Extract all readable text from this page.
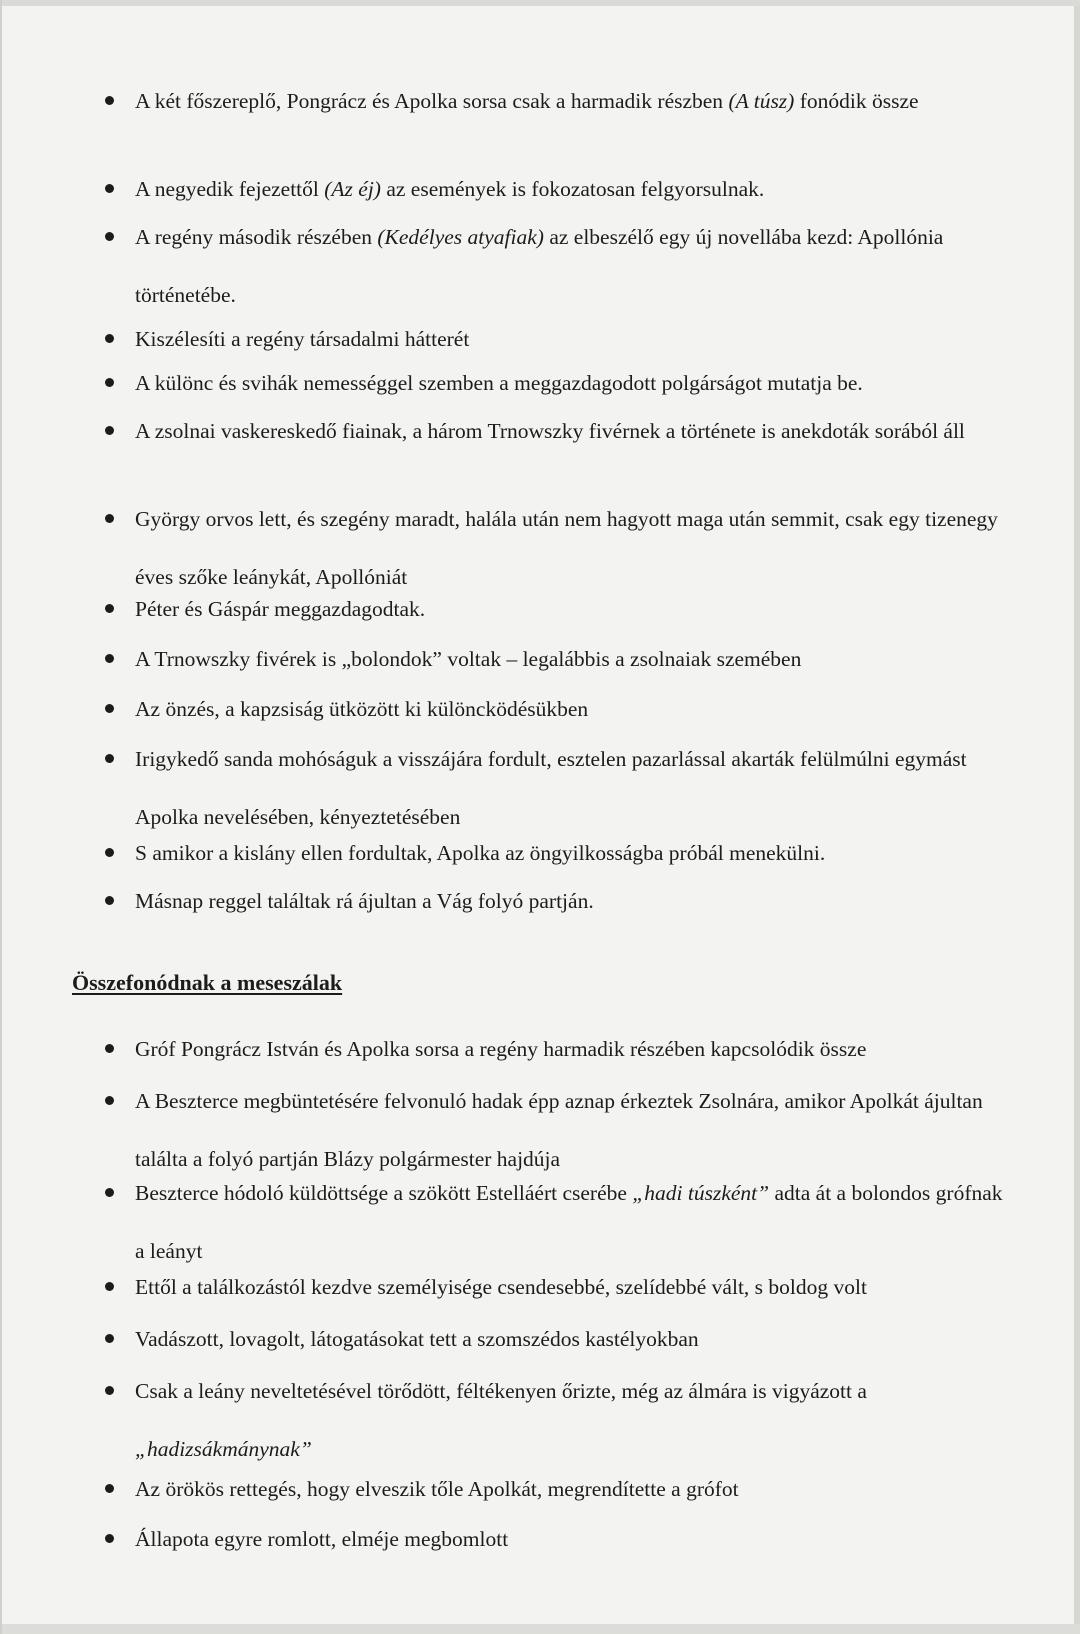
A két főszereplő, Pongrácz és Apolka sorsa csak a harmadik részben (A túsz) fonódik össze
A negyedik fejezettől (Az éj) az események is fokozatosan felgyorsulnak.
A regény második részében (Kedélyes atyafiak) az elbeszélő egy új novellába kezd: Apollónia történetébe.
Kiszélesíti a regény társadalmi hátterét
A különc és svihák nemességgel szemben a meggazdagodott polgárságot mutatja be.
A zsolnai vaskereskedő fiainak, a három Trnowszky fivérnek a története is anekdoták sorából áll
György orvos lett, és szegény maradt, halála után nem hagyott maga után semmit, csak egy tizenegy éves szőke leánykát, Apollóniát
Péter és Gáspár meggazdagodtak.
A Trnowszky fivérek is „bolondok” voltak – legalábbis a zsolnaiak szemében
Az önzés, a kapzsiság ütközött ki különcködésükben
Irigykedő sanda mohóságuk a visszájára fordult, esztelen pazarlással akarták felülmúlni egymást Apolka nevelésében, kényeztetésében
S amikor a kislány ellen fordultak, Apolka az öngyilkosságba próbál menekülni.
Másnap reggel találtak rá ájultan a Vág folyó partján.
Összefonódnak a meseszálak
Gróf Pongrácz István és Apolka sorsa a regény harmadik részében kapcsolódik össze
A Beszterce megbüntetésére felvonuló hadak épp aznap érkeztek Zsolnára, amikor Apolkát ájultan találta a folyó partján Blázy polgármester hajdúja
Beszterce hódoló küldöttsége a szökött Estelláért cserébe „hadi túszként” adta át a bolondos grófnak a leányt
Ettől a találkozástól kezdve személyisége csendesebbé, szelídebbé vált, s boldog volt
Vadászott, lovagolt, látogatásokat tett a szomszédos kastélyokban
Csak a leány neveltetésével törődött, féltékenyen őrizte, még az álmára is vigyázott a „hadizsákmánynak”
Az örökös rettegés, hogy elveszik tőle Apolkát, megrendítette a grófot
Állapota egyre romlott, elméje megbomlott
